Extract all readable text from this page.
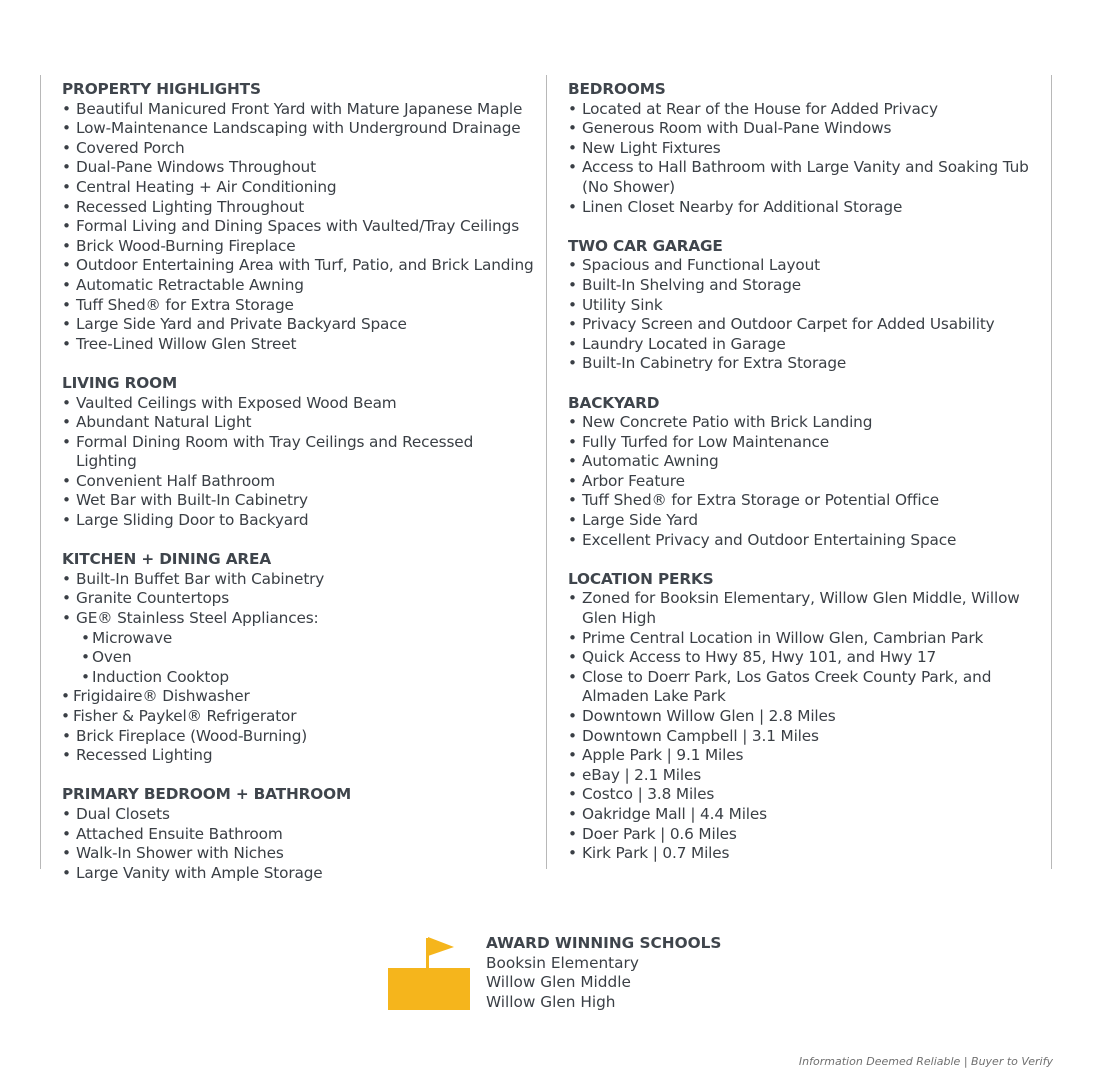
PROPERTY HIGHLIGHTS
• Beautiful Manicured Front Yard with Mature Japanese Maple
• Low-Maintenance Landscaping with Underground Drainage
• Covered Porch
• Dual-Pane Windows Throughout
• Central Heating + Air Conditioning
• Recessed Lighting Throughout
• Formal Living and Dining Spaces with Vaulted/Tray Ceilings
• Brick Wood-Burning Fireplace
• Outdoor Entertaining Area with Turf, Patio, and Brick Landing
• Automatic Retractable Awning
• Tuff Shed® for Extra Storage
• Large Side Yard and Private Backyard Space
• Tree-Lined Willow Glen Street
LIVING ROOM
• Vaulted Ceilings with Exposed Wood Beam
• Abundant Natural Light
• Formal Dining Room with Tray Ceilings and Recessed Lighting
• Convenient Half Bathroom
• Wet Bar with Built-In Cabinetry
• Large Sliding Door to Backyard
KITCHEN + DINING AREA
• Built-In Buffet Bar with Cabinetry
• Granite Countertops
• GE® Stainless Steel Appliances:
• Microwave
• Oven
• Induction Cooktop
• Frigidaire® Dishwasher
• Fisher & Paykel® Refrigerator
• Brick Fireplace (Wood-Burning)
• Recessed Lighting
PRIMARY BEDROOM + BATHROOM
• Dual Closets
• Attached Ensuite Bathroom
• Walk-In Shower with Niches
• Large Vanity with Ample Storage
BEDROOMS
• Located at Rear of the House for Added Privacy
• Generous Room with Dual-Pane Windows
• New Light Fixtures
• Access to Hall Bathroom with Large Vanity and Soaking Tub (No Shower)
• Linen Closet Nearby for Additional Storage
TWO CAR GARAGE
• Spacious and Functional Layout
• Built-In Shelving and Storage
• Utility Sink
• Privacy Screen and Outdoor Carpet for Added Usability
• Laundry Located in Garage
• Built-In Cabinetry for Extra Storage
BACKYARD
• New Concrete Patio with Brick Landing
• Fully Turfed for Low Maintenance
• Automatic Awning
• Arbor Feature
• Tuff Shed® for Extra Storage or Potential Office
• Large Side Yard
• Excellent Privacy and Outdoor Entertaining Space
LOCATION PERKS
• Zoned for Booksin Elementary, Willow Glen Middle, Willow Glen High
• Prime Central Location in Willow Glen, Cambrian Park
• Quick Access to Hwy 85, Hwy 101, and Hwy 17
• Close to Doerr Park, Los Gatos Creek County Park, and Almaden Lake Park
• Downtown Willow Glen | 2.8 Miles
• Downtown Campbell | 3.1 Miles
• Apple Park | 9.1 Miles
• eBay | 2.1 Miles
• Costco | 3.8 Miles
• Oakridge Mall | 4.4 Miles
• Doer Park | 0.6 Miles
• Kirk Park | 0.7 Miles
AWARD WINNING SCHOOLS
Booksin Elementary
Willow Glen Middle
Willow Glen High
Information Deemed Reliable | Buyer to Verify
